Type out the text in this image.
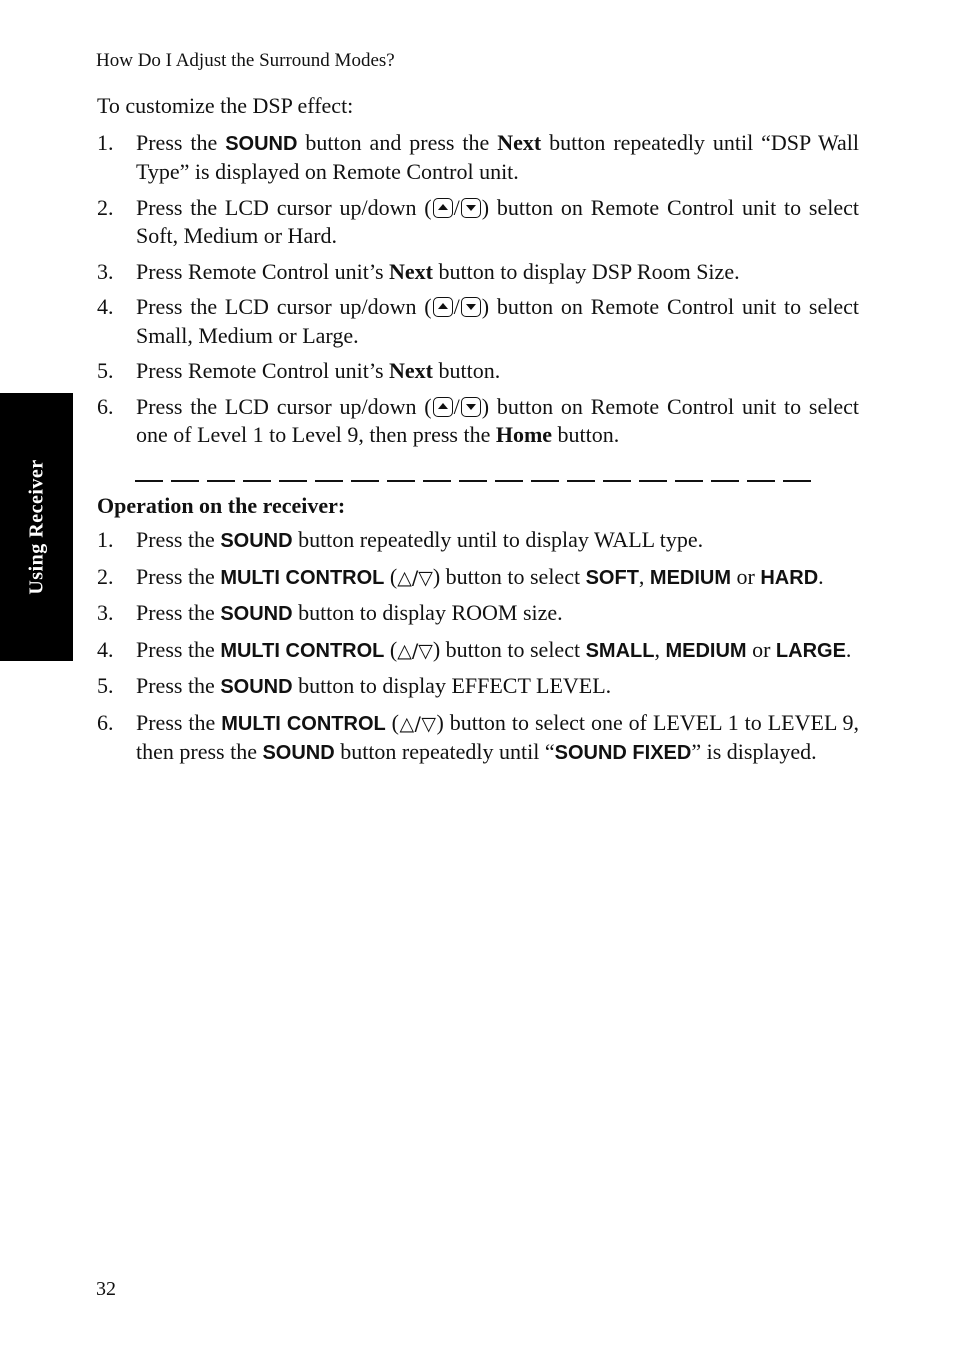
How Do I Adjust the Surround Modes?
Using Receiver

To customize the DSP effect:

1. Press the SOUND button and press the Next button repeatedly until “DSP Wall Type” is displayed on Remote Control unit.
2. Press the LCD cursor up/down ( / ) button on Remote Control unit to select Soft, Medium or Hard.
3. Press Remote Control unit’s Next button to display DSP Room Size.
4. Press the LCD cursor up/down ( / ) button on Remote Control unit to select Small, Medium or Large.
5. Press Remote Control unit’s Next button.
6. Press the LCD cursor up/down ( / ) button on Remote Control unit to select one of Level 1 to Level 9, then press the Home button.

Operation on the receiver:

1. Press the SOUND button repeatedly until to display WALL type.
2. Press the MULTI CONTROL (△/▽) button to select SOFT, MEDIUM or HARD.
3. Press the SOUND button to display ROOM size.
4. Press the MULTI CONTROL (△/▽) button to select SMALL, MEDIUM or LARGE.
5. Press the SOUND button to display EFFECT LEVEL.
6. Press the MULTI CONTROL (△/▽) button to select one of LEVEL 1 to LEVEL 9, then press the SOUND button repeatedly until “SOUND FIXED” is displayed.
32
